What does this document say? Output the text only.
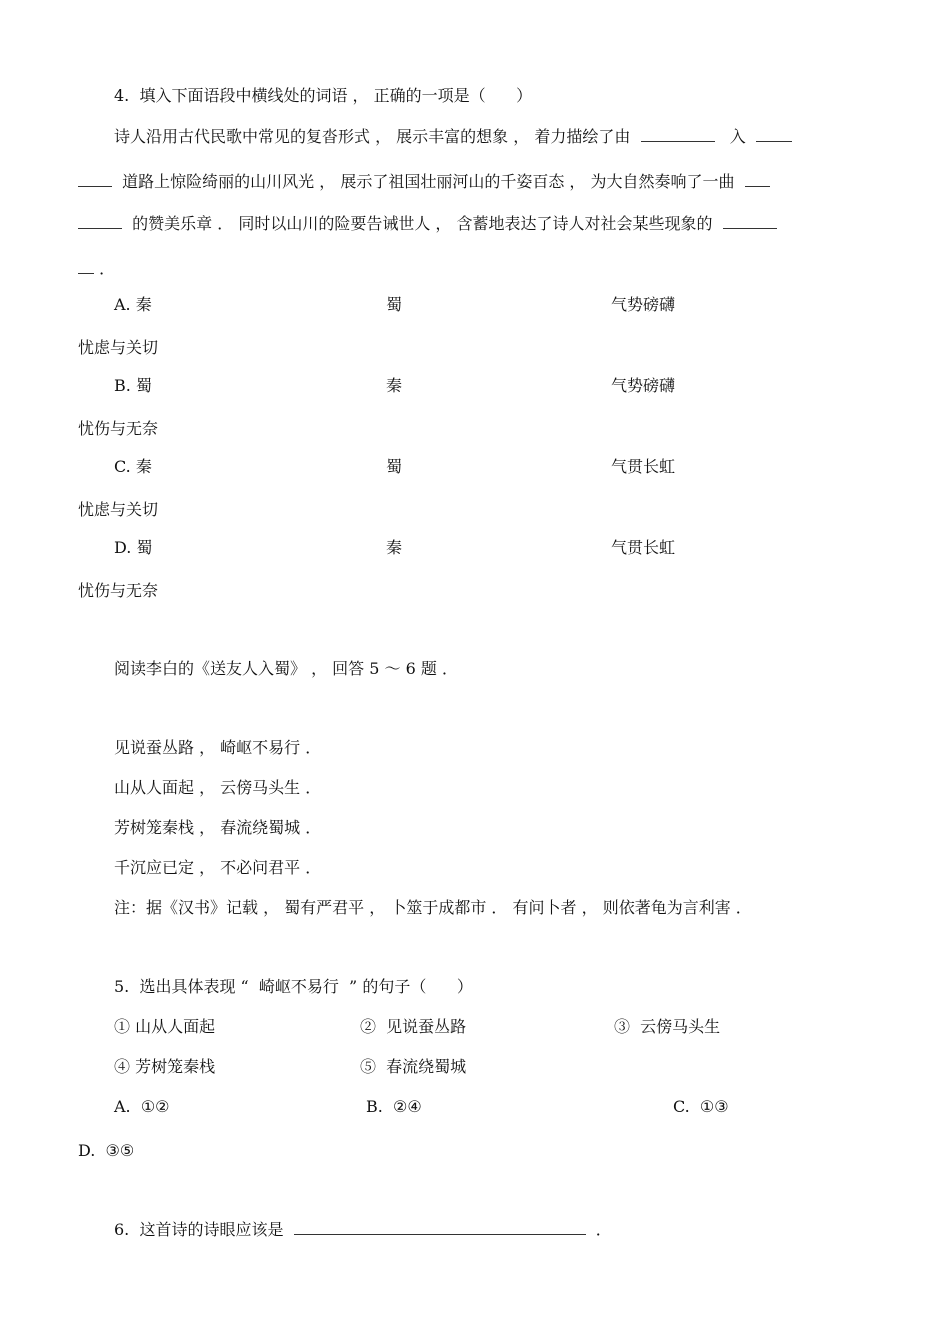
4.  填入下面语段中横线处的词语 ， 正确的一项是（      ）
诗人沿用古代民歌中常见的复沓形式 ， 展示丰富的想象 ， 着力描绘了由	入
道路上惊险绮丽的山川风光 ， 展示了祖国壮丽河山的千姿百态 ， 为大自然奏响了一曲
的赞美乐章 ． 同时以山川的险要告诫世人 ， 含蓄地表达了诗人对社会某些现象的
．
A. 秦	蜀	气势磅礴
忧虑与关切
B. 蜀	秦	气势磅礴
忧伤与无奈
C. 秦	蜀	气贯长虹
忧虑与关切
D. 蜀	秦	气贯长虹
忧伤与无奈
阅读李白的《送友人入蜀》 ， 回答 5 ～ 6 题 ．
见说蚕丛路 ， 崎岖不易行 ．
山从人面起 ， 云傍马头生 ．
芳树笼秦栈 ， 春流绕蜀城 ．
千沉应已定 ， 不必问君平 ．
注：据《汉书》记载 ， 蜀有严君平 ， 卜筮于成都市 ． 有问卜者 ， 则依著龟为言利害 ．
5.  选出具体表现 “  崎岖不易行  ” 的句子（      ）
① 山从人面起	②  见说蚕丛路	③  云傍马头生
④ 芳树笼秦栈	⑤  春流绕蜀城
A.  ①②	B.  ②④	C.  ①③
D.  ③⑤
6.  这首诗的诗眼应该是	．
